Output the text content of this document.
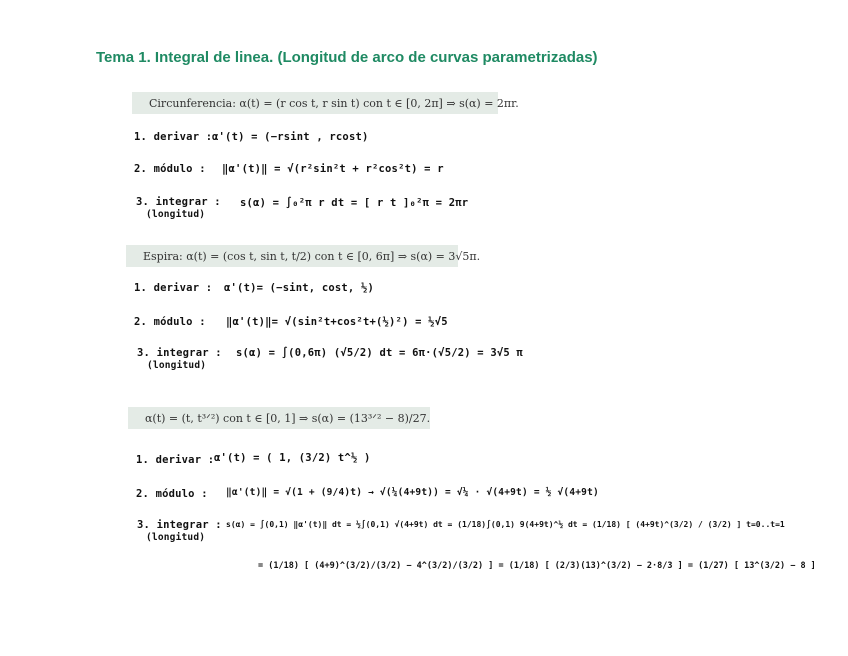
Tema 1. Integral de linea. (Longitud de arco de curvas parametrizadas)
Circunferencia: α(t) = (r cos t, r sin t) con t ∈ [0, 2π] ⇒ s(α) = 2πr.
1. derivar : α'(t) = (−rsint , rcost)
2. módulo : ‖α'(t)‖ = √(r²sin²t + r²cos²t) = r
3. integrar :
(longitud)
s(α) = ∫₀²π r dt = [ r t ]₀²π = 2πr
Espira: α(t) = (cos t, sin t, t/2) con t ∈ [0, 6π] ⇒ s(α) = 3√5π.
1. derivar : α'(t)= (−sint, cost, ½)
2. módulo : ‖α'(t)‖= √(sin²t+cos²t+(½)²) = ½√5
3. integrar :
(longitud)
s(α) = ∫(0,6π) (√5/2) dt = 6π·(√5/2) = 3√5 π
α(t) = (t, t³ᐟ²) con t ∈ [0, 1] ⇒ s(α) = (13³ᐟ² − 8)/27.
1. derivar : α'(t) = ( 1, (3/2) t^½ )
2. módulo : ‖α'(t)‖ = √(1 + (9/4)t) → √(¼(4+9t)) = √¼ · √(4+9t) = ½ √(4+9t)
3. integrar :
(longitud)
s(α) = ∫(0,1) ‖α'(t)‖ dt = ½∫(0,1) √(4+9t) dt = (1/18)∫(0,1) 9(4+9t)^½ dt = (1/18) [ (4+9t)^(3/2) / (3/2) ] t=0..t=1
= (1/18) [ (4+9)^(3/2)/(3/2) − 4^(3/2)/(3/2) ] = (1/18) [ (2/3)(13)^(3/2) − 2·8/3 ] = (1/27) [ 13^(3/2) − 8 ]
